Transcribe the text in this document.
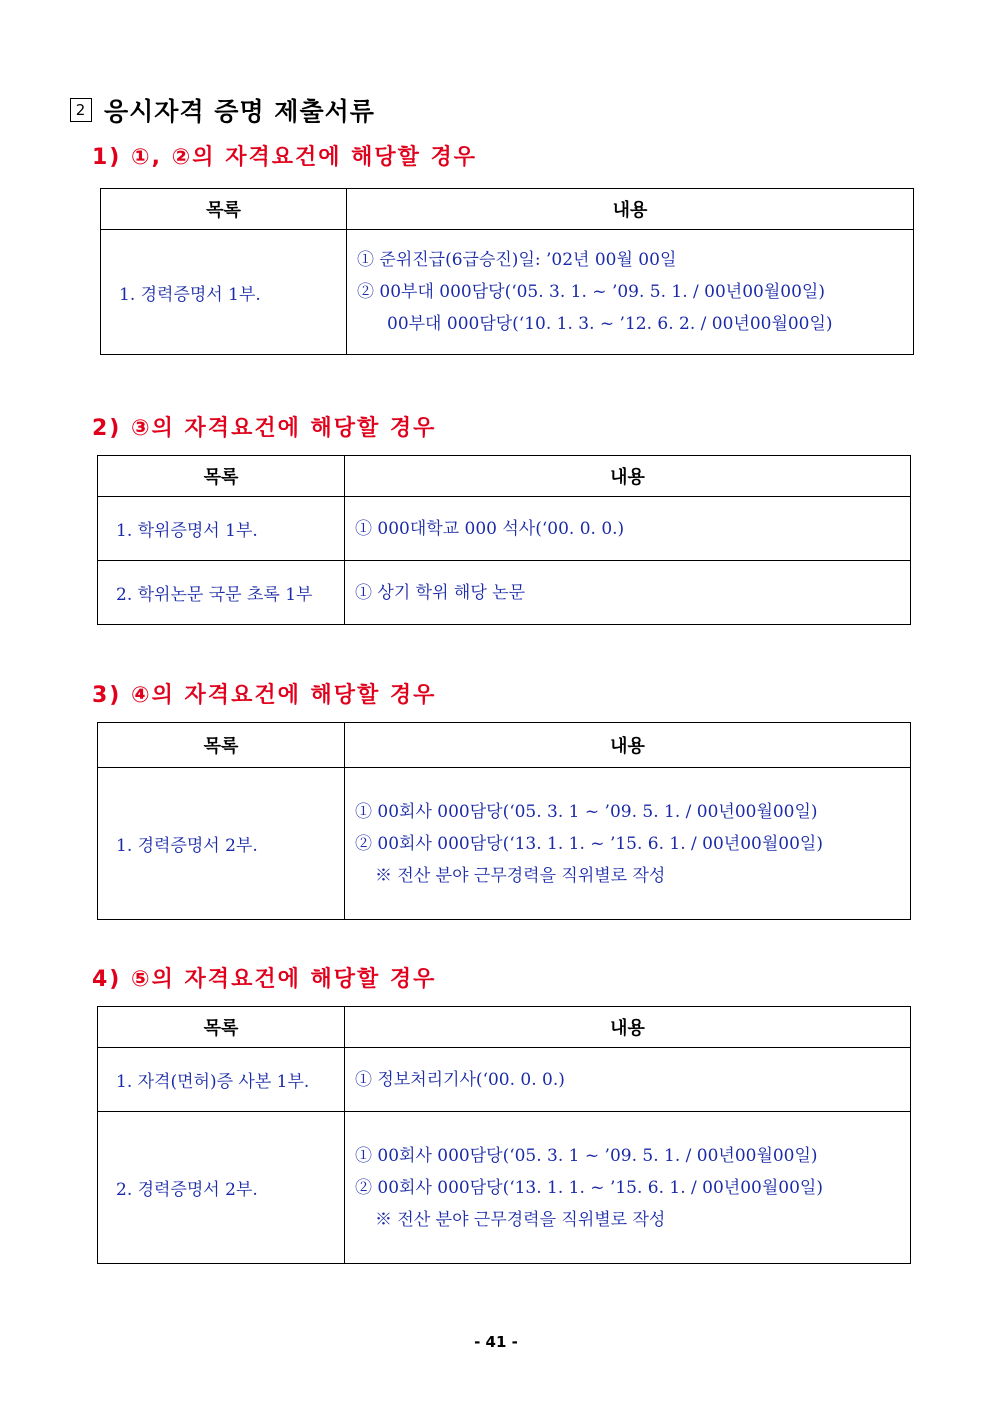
2 응시자격 증명 제출서류
1) ①, ②의 자격요건에 해당할 경우
목록	내용
1. 경력증명서 1부.	① 준위진급(6급승진)일: ’02년 00월 00일
② 00부대 000담당(‘05. 3. 1. ~ ’09. 5. 1. / 00년00월00일)
00부대 000담당(‘10. 1. 3. ~ ’12. 6. 2. / 00년00월00일)
2) ③의 자격요건에 해당할 경우
목록	내용
1. 학위증명서 1부.	① 000대학교 000 석사(‘00. 0. 0.)

2. 학위논문 국문 초록 1부	① 상기 학위 해당 논문
3) ④의 자격요건에 해당할 경우
목록	내용
1. 경력증명서 2부.	① 00회사 000담당(‘05. 3. 1 ~ ’09. 5. 1. / 00년00월00일)
② 00회사 000담당(‘13. 1. 1. ~ ’15. 6. 1. / 00년00월00일)
※ 전산 분야 근무경력을 직위별로 작성
4) ⑤의 자격요건에 해당할 경우
목록	내용
1. 자격(면허)증 사본 1부.	① 정보처리기사(‘00. 0. 0.)

2. 경력증명서 2부.	① 00회사 000담당(‘05. 3. 1 ~ ’09. 5. 1. / 00년00월00일)
② 00회사 000담당(‘13. 1. 1. ~ ’15. 6. 1. / 00년00월00일)
※ 전산 분야 근무경력을 직위별로 작성
- 41 -
